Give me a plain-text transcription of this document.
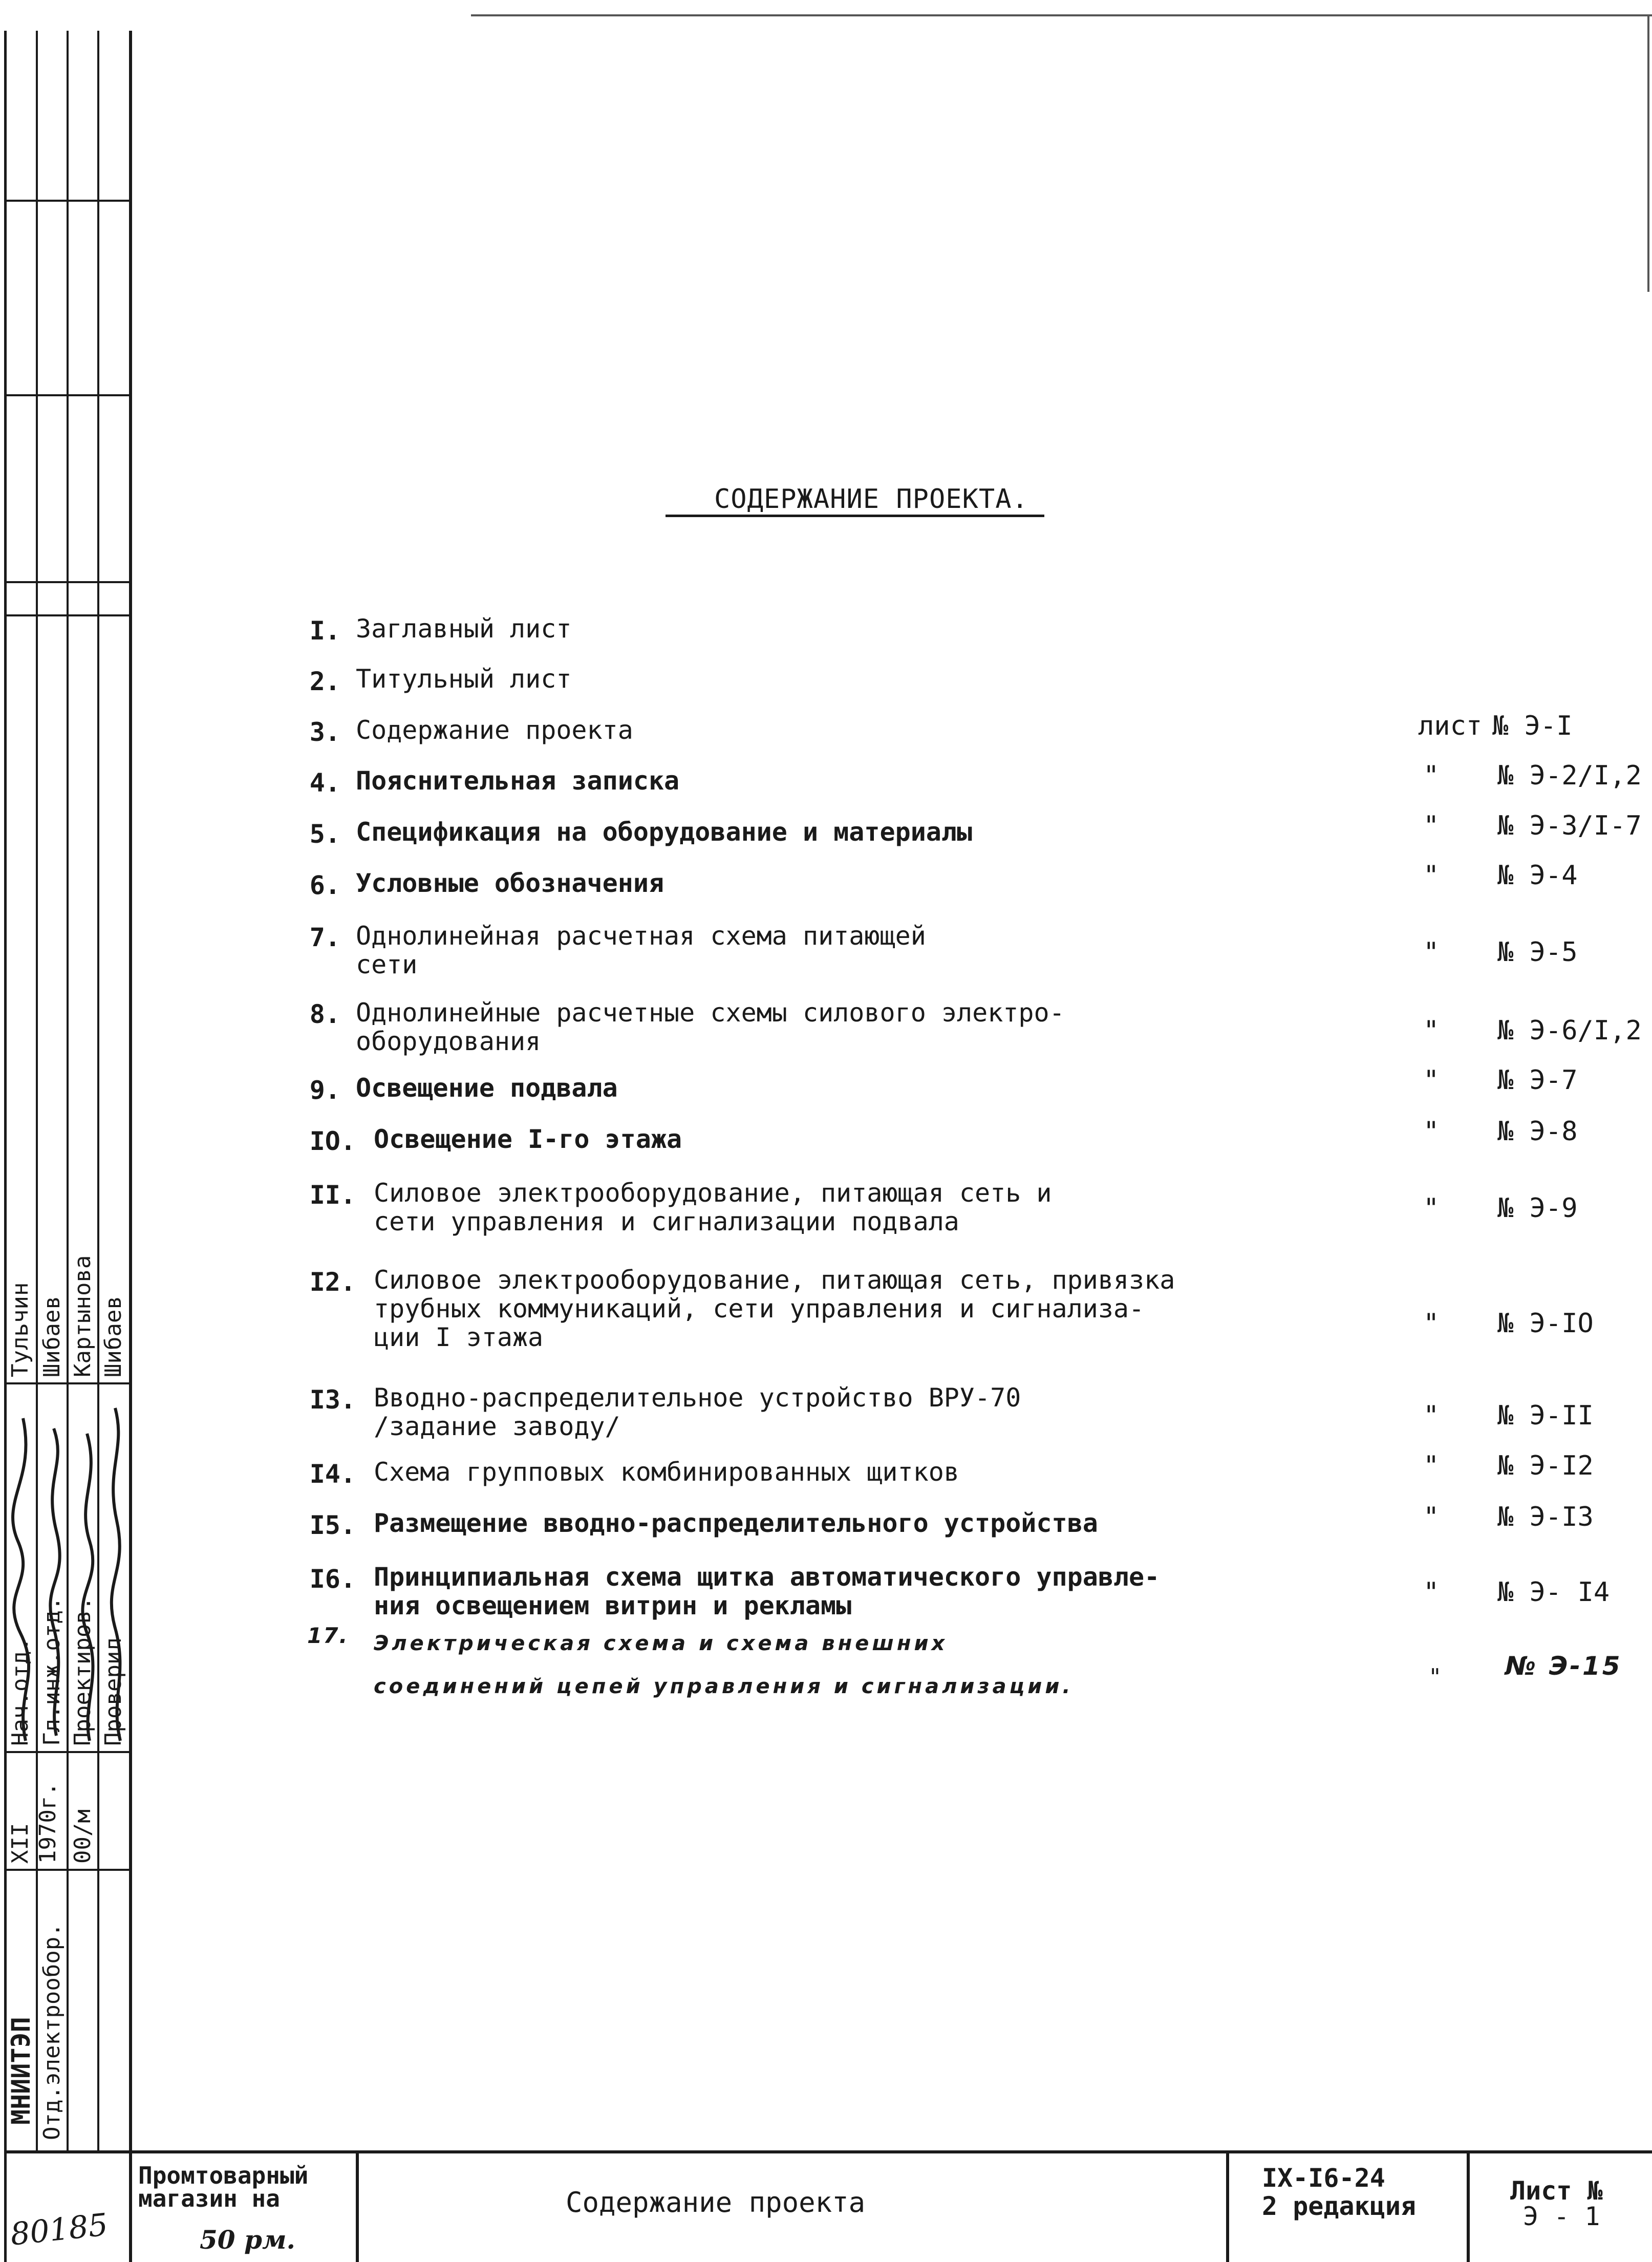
МНИИТЭП Отд.электрообор.
XII 1970г. 00/м
Нач.отд. Гл.инж.отд. Проектиров. Проверил
Тульчин Шибаев Картынова Шибаев
СОДЕРЖАНИЕ ПРОЕКТА.
I. Заглавный лист
2. Титульный лист
3. Содержание проекта	лист № Э-I
4. Пояснительная записка	" № Э-2/I,2
5. Спецификация на оборудование и материалы	" № Э-3/I-7
6. Условные обозначения	" № Э-4
7. Однолинейная расчетная схема питающей
сети	" № Э-5
8. Однолинейные расчетные схемы силового электро-
оборудования	" № Э-6/I,2
9. Освещение подвала	" № Э-7
IO. Освещение I-го этажа	" № Э-8
II. Силовое электрооборудование, питающая сеть и
сети управления и сигнализации подвала	" № Э-9
I2. Силовое электрооборудование, питающая сеть, привязка
трубных коммуникаций, сети управления и сигнализа-
ции I этажа	" № Э-IO
I3. Вводно-распределительное устройство ВРУ-70
/задание заводу/	" № Э-II
I4. Схема групповых комбинированных щитков	" № Э-I2
I5. Размещение вводно-распределительного устройства	" № Э-I3
I6. Принципиальная схема щитка автоматического управле-
ния освещением витрин и рекламы	" № Э- I4
17. Электрическая схема и схема внешних
соединений цепей управления и сигнализации.	" № Э-15
80185
Промтоварный
магазин на
50 рм.
Содержание проекта
IX-I6-24
2 редакция
Лист №
Э - 1
